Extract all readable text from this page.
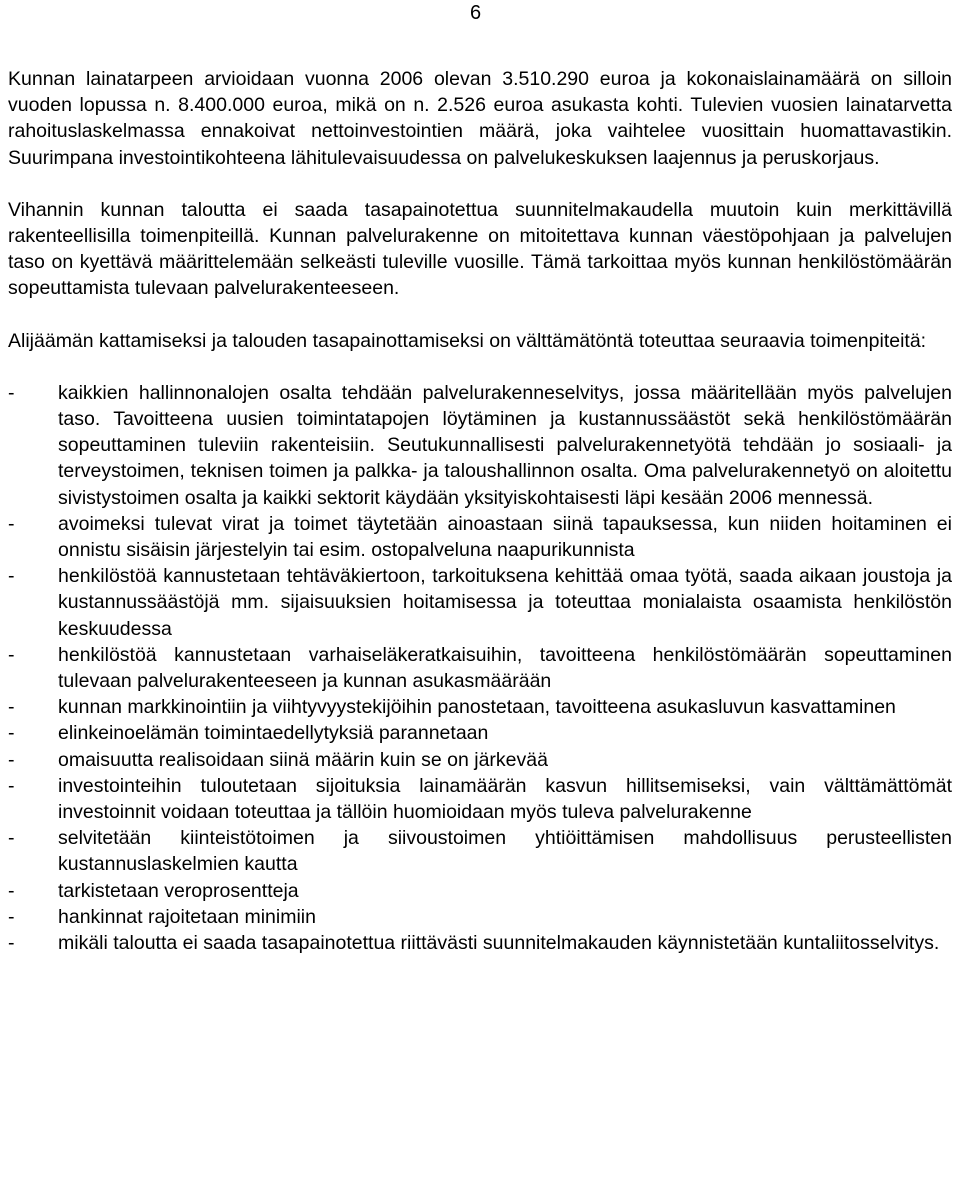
6

Kunnan lainatarpeen arvioidaan vuonna 2006 olevan 3.510.290 euroa ja kokonaislainamäärä on silloin vuoden lopussa n. 8.400.000 euroa, mikä on n. 2.526 euroa asukasta kohti. Tulevien vuosien lainatarvetta rahoituslaskelmassa ennakoivat nettoinvestointien määrä, joka vaihtelee vuosittain huomattavastikin. Suurimpana investointikohteena lähitulevaisuudessa on palvelukeskuksen laajennus ja peruskorjaus.

Vihannin kunnan taloutta ei saada tasapainotettua suunnitelmakaudella muutoin kuin merkittävillä rakenteellisilla toimenpiteillä. Kunnan palvelurakenne on mitoitettava kunnan väestöpohjaan ja palvelujen taso on kyettävä määrittelemään selkeästi tuleville vuosille. Tämä tarkoittaa myös kunnan henkilöstömäärän sopeuttamista tulevaan palvelurakenteeseen.

Alijäämän kattamiseksi ja talouden tasapainottamiseksi on välttämätöntä toteuttaa seuraavia toimenpiteitä:

- kaikkien hallinnonalojen osalta tehdään palvelurakenneselvitys, jossa määritellään myös palvelujen taso. Tavoitteena uusien toimintatapojen löytäminen ja kustannussäästöt sekä henkilöstömäärän sopeuttaminen tuleviin rakenteisiin. Seutukunnallisesti palvelurakennetyötä tehdään jo sosiaali- ja terveystoimen, teknisen toimen ja palkka- ja taloushallinnon osalta. Oma palvelurakennetyö on aloitettu sivistystoimen osalta ja kaikki sektorit käydään yksityiskohtaisesti läpi kesään 2006 mennessä.
- avoimeksi tulevat virat ja toimet täytetään ainoastaan siinä tapauksessa, kun niiden hoitaminen ei onnistu sisäisin järjestelyin tai esim. ostopalveluna naapurikunnista
- henkilöstöä kannustetaan tehtäväkiertoon, tarkoituksena kehittää omaa työtä, saada aikaan joustoja ja kustannussäästöjä mm. sijaisuuksien hoitamisessa ja toteuttaa monialaista osaamista henkilöstön keskuudessa
- henkilöstöä kannustetaan varhaiseläkeratkaisuihin, tavoitteena henkilöstömäärän sopeuttaminen tulevaan palvelurakenteeseen ja kunnan asukasmäärään
- kunnan markkinointiin ja viihtyvyystekijöihin panostetaan, tavoitteena asukasluvun kasvattaminen
- elinkeinoelämän toimintaedellytyksiä parannetaan
- omaisuutta realisoidaan siinä määrin kuin se on järkevää
- investointeihin tuloutetaan sijoituksia lainamäärän kasvun hillitsemiseksi, vain välttämättömät investoinnit voidaan toteuttaa ja tällöin huomioidaan myös tuleva palvelurakenne
- selvitetään kiinteistötoimen ja siivoustoimen yhtiöittämisen mahdollisuus perusteellisten kustannuslaskelmien kautta
- tarkistetaan veroprosentteja
- hankinnat rajoitetaan minimiin
- mikäli taloutta ei saada tasapainotettua riittävästi suunnitelmakauden käynnistetään kuntaliitosselvitys.
